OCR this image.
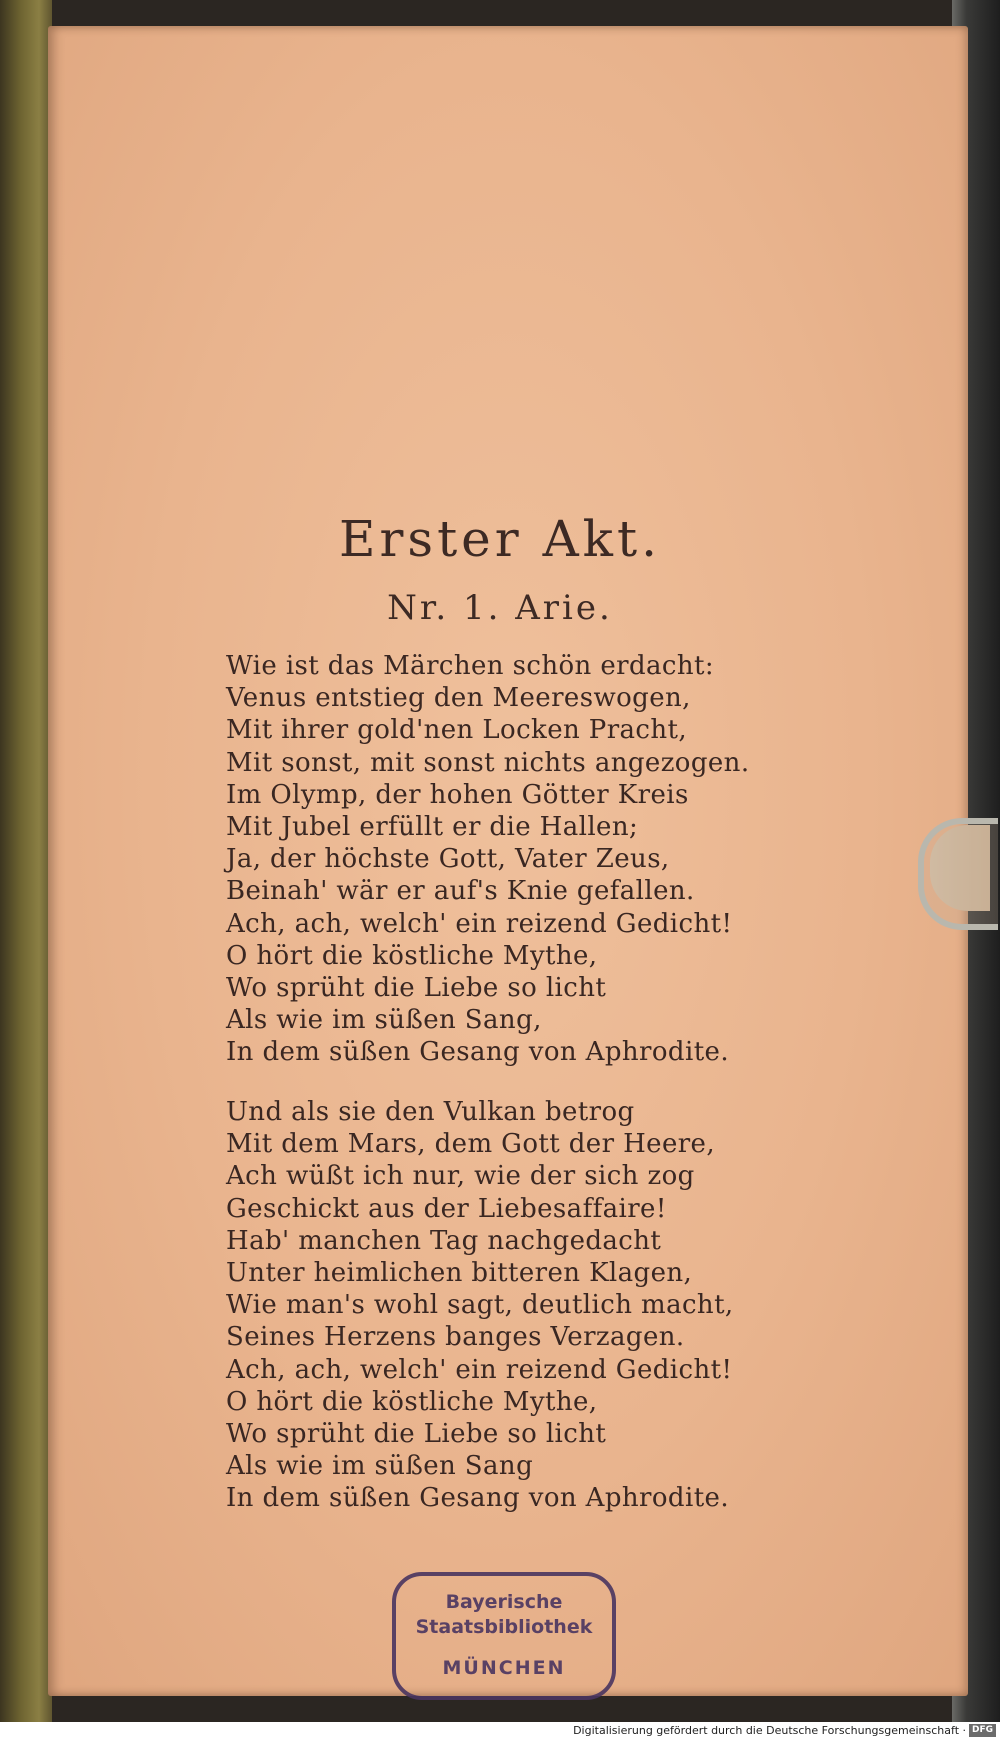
Erster Akt.
Nr. 1. Arie.
Wie ist das Märchen schön erdacht:
Venus entstieg den Meereswogen,
Mit ihrer gold'nen Locken Pracht,
Mit sonst, mit sonst nichts angezogen.
Im Olymp, der hohen Götter Kreis
Mit Jubel erfüllt er die Hallen;
Ja, der höchste Gott, Vater Zeus,
Beinah' wär er auf's Knie gefallen.
Ach, ach, welch' ein reizend Gedicht!
O hört die köstliche Mythe,
Wo sprüht die Liebe so licht
Als wie im süßen Sang,
In dem süßen Gesang von Aphrodite.
Und als sie den Vulkan betrog
Mit dem Mars, dem Gott der Heere,
Ach wüßt ich nur, wie der sich zog
Geschickt aus der Liebesaffaire!
Hab' manchen Tag nachgedacht
Unter heimlichen bitteren Klagen,
Wie man's wohl sagt, deutlich macht,
Seines Herzens banges Verzagen.
Ach, ach, welch' ein reizend Gedicht!
O hört die köstliche Mythe,
Wo sprüht die Liebe so licht
Als wie im süßen Sang
In dem süßen Gesang von Aphrodite.
Bayerische
Staatsbibliothek
MÜNCHEN
Digitalisierung gefördert durch die Deutsche Forschungsgemeinschaft · DFG
